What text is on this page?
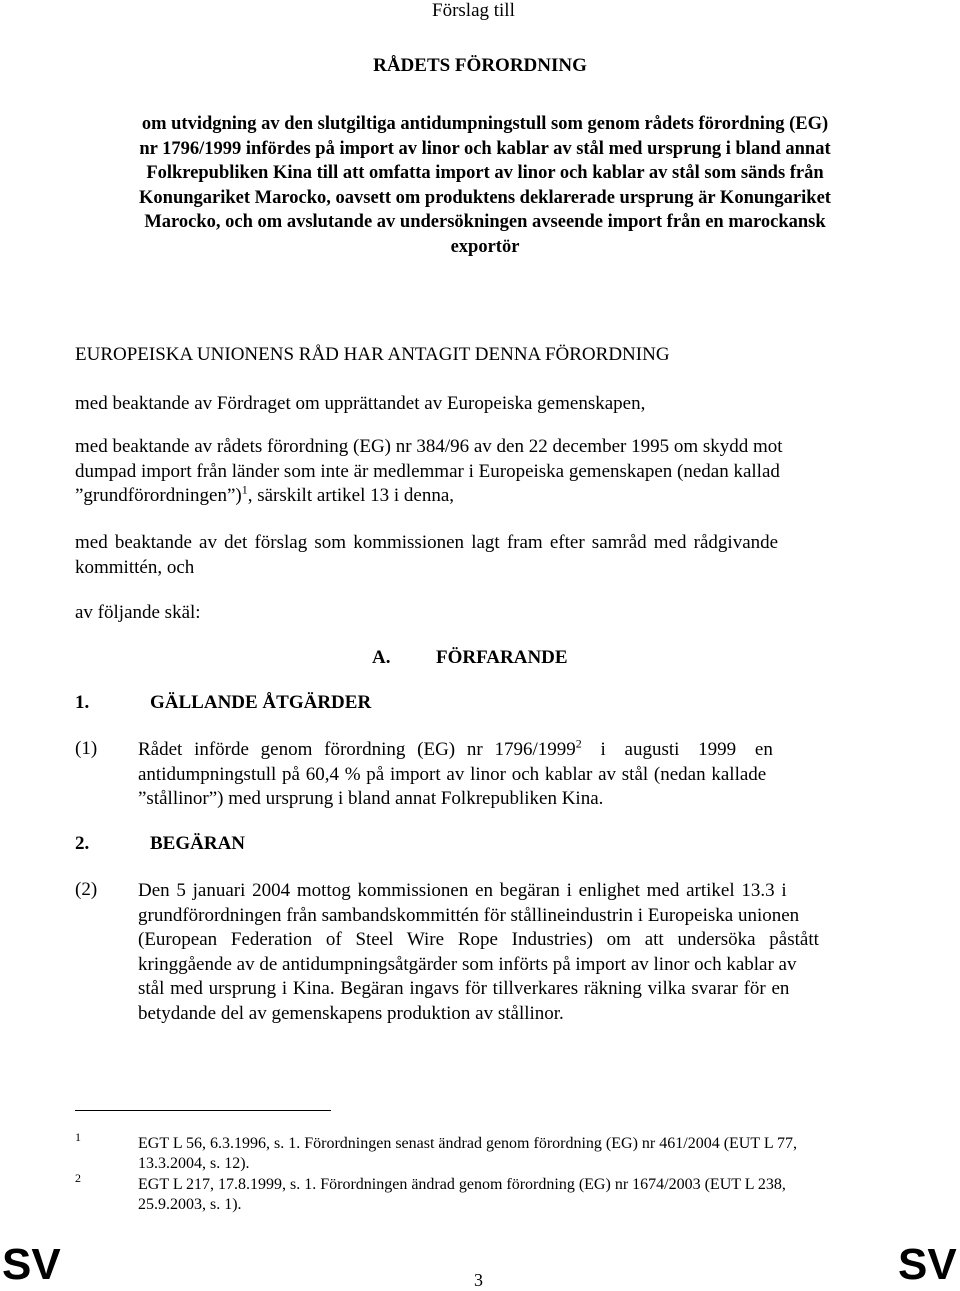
Förslag till
RÅDETS FÖRORDNING
om utvidgning av den slutgiltiga antidumpningstull som genom rådets förordning (EG)
nr 1796/1999 infördes på import av linor och kablar av stål med ursprung i bland annat
Folkrepubliken Kina till att omfatta import av linor och kablar av stål som sänds från
Konungariket Marocko, oavsett om produktens deklarerade ursprung är Konungariket
Marocko, och om avslutande av undersökningen avseende import från en marockansk
exportör
EUROPEISKA UNIONENS RÅD HAR ANTAGIT DENNA FÖRORDNING
med beaktande av Fördraget om upprättandet av Europeiska gemenskapen,
med beaktande av rådets förordning (EG) nr 384/96 av den 22 december 1995 om skydd mot
dumpad import från länder som inte är medlemmar i Europeiska gemenskapen (nedan kallad
”grundförordningen”)$^1$, särskilt artikel 13 i denna,
med beaktande av det förslag som kommissionen lagt fram efter samråd med rådgivande
kommittén, och
av följande skäl:
A. FÖRFARANDE
1.	GÄLLANDE ÅTGÄRDER
(1) Rådet införde genom förordning (EG) nr 1796/1999$^2$ i augusti 1999 en
antidumpningstull på 60,4 % på import av linor och kablar av stål (nedan kallade
”stållinor”) med ursprung i bland annat Folkrepubliken Kina.
2.	BEGÄRAN
(2) Den 5 januari 2004 mottog kommissionen en begäran i enlighet med artikel 13.3 i
grundförordningen från sambandskommittén för stållineindustrin i Europeiska unionen
(European Federation of Steel Wire Rope Industries) om att undersöka påstått
kringgående av de antidumpningsåtgärder som införts på import av linor och kablar av
stål med ursprung i Kina. Begäran ingavs för tillverkares räkning vilka svarar för en
betydande del av gemenskapens produktion av stållinor.
1	EGT L 56, 6.3.1996, s. 1. Förordningen senast ändrad genom förordning (EG) nr 461/2004 (EUT L 77,
13.3.2004, s. 12).
2	EGT L 217, 17.8.1999, s. 1. Förordningen ändrad genom förordning (EG) nr 1674/2003 (EUT L 238,
25.9.2003, s. 1).
SV	3	SV
